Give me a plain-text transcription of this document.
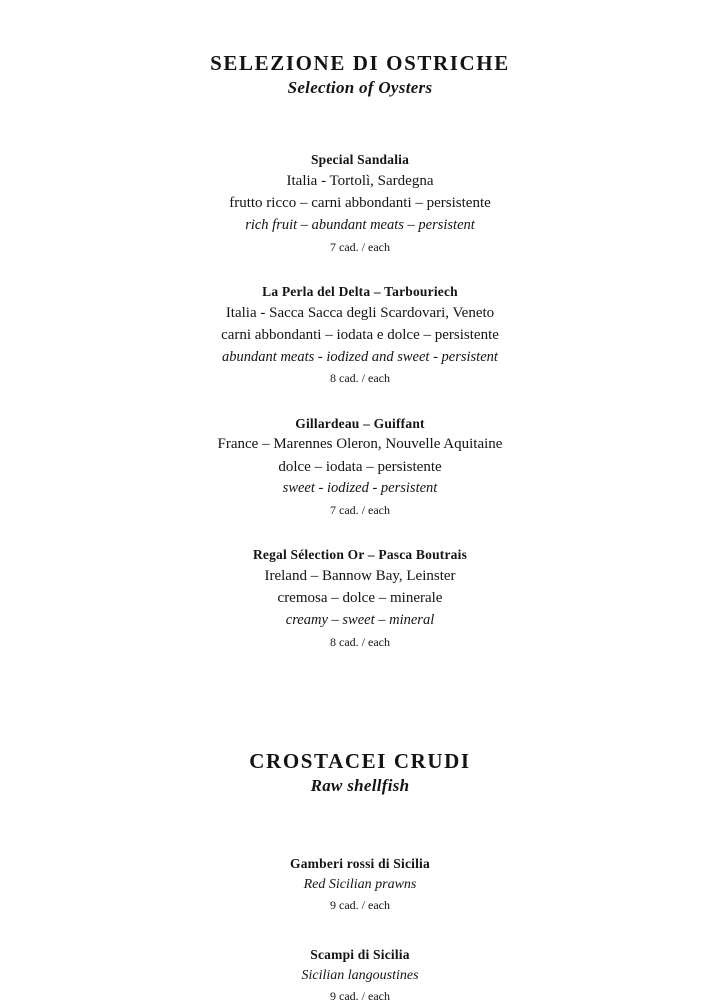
SELEZIONE DI OSTRICHE
Selection of Oysters
Special Sandalia
Italia - Tortolì, Sardegna
frutto ricco – carni abbondanti – persistente
rich fruit – abundant meats – persistent
7 cad. / each
La Perla del Delta – Tarbouriech
Italia - Sacca Sacca degli Scardovari, Veneto
carni abbondanti – iodata e dolce – persistente
abundant meats - iodized and sweet - persistent
8 cad. / each
Gillardeau – Guiffant
France – Marennes Oleron, Nouvelle Aquitaine
dolce – iodata – persistente
sweet - iodized - persistent
7 cad. / each
Regal Sélection Or – Pasca Boutrais
Ireland – Bannow Bay, Leinster
cremosa – dolce – minerale
creamy – sweet – mineral
8 cad. / each
CROSTACEI CRUDI
Raw shellfish
Gamberi rossi di Sicilia
Red Sicilian prawns
9 cad. / each
Scampi di Sicilia
Sicilian langoustines
9 cad. / each
